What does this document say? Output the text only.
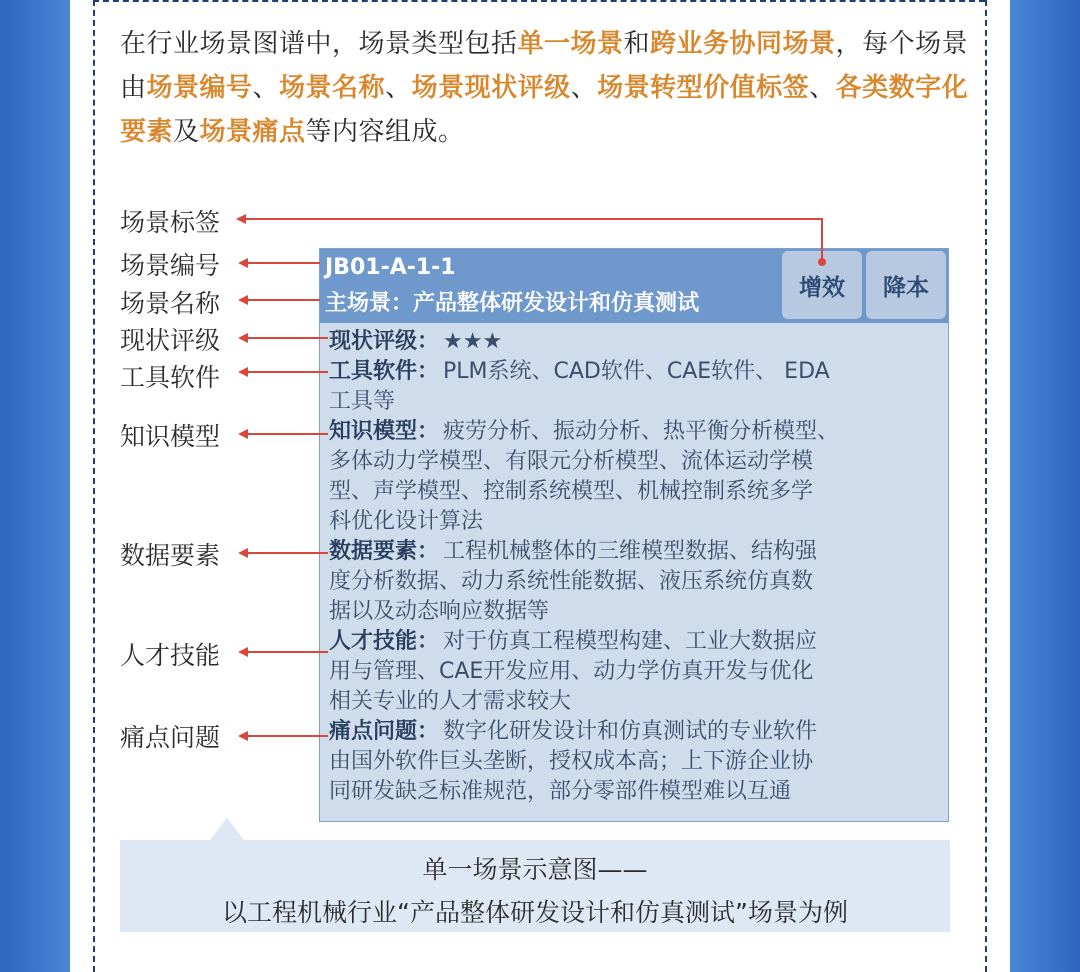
在行业场景图谱中，场景类型包括单一场景和跨业务协同场景，每个场景由场景编号、场景名称、场景现状评级、场景转型价值标签、各类数字化要素及场景痛点等内容组成。
场景标签
场景编号
场景名称
现状评级
工具软件
知识模型
数据要素
人才技能
痛点问题
JB01-A-1-1
主场景：产品整体研发设计和仿真测试
增效	降本
现状评级： ★★★
工具软件： PLM系统、CAD软件、CAE软件、 EDA
工具等
知识模型： 疲劳分析、振动分析、热平衡分析模型、
多体动力学模型、有限元分析模型、流体运动学模
型、声学模型、控制系统模型、机械控制系统多学
科优化设计算法
数据要素： 工程机械整体的三维模型数据、结构强
度分析数据、动力系统性能数据、液压系统仿真数
据以及动态响应数据等
人才技能： 对于仿真工程模型构建、工业大数据应
用与管理、CAE开发应用、动力学仿真开发与优化
相关专业的人才需求较大
痛点问题： 数字化研发设计和仿真测试的专业软件
由国外软件巨头垄断，授权成本高；上下游企业协
同研发缺乏标准规范，部分零部件模型难以互通
单一场景示意图——
以工程机械行业“产品整体研发设计和仿真测试”场景为例
